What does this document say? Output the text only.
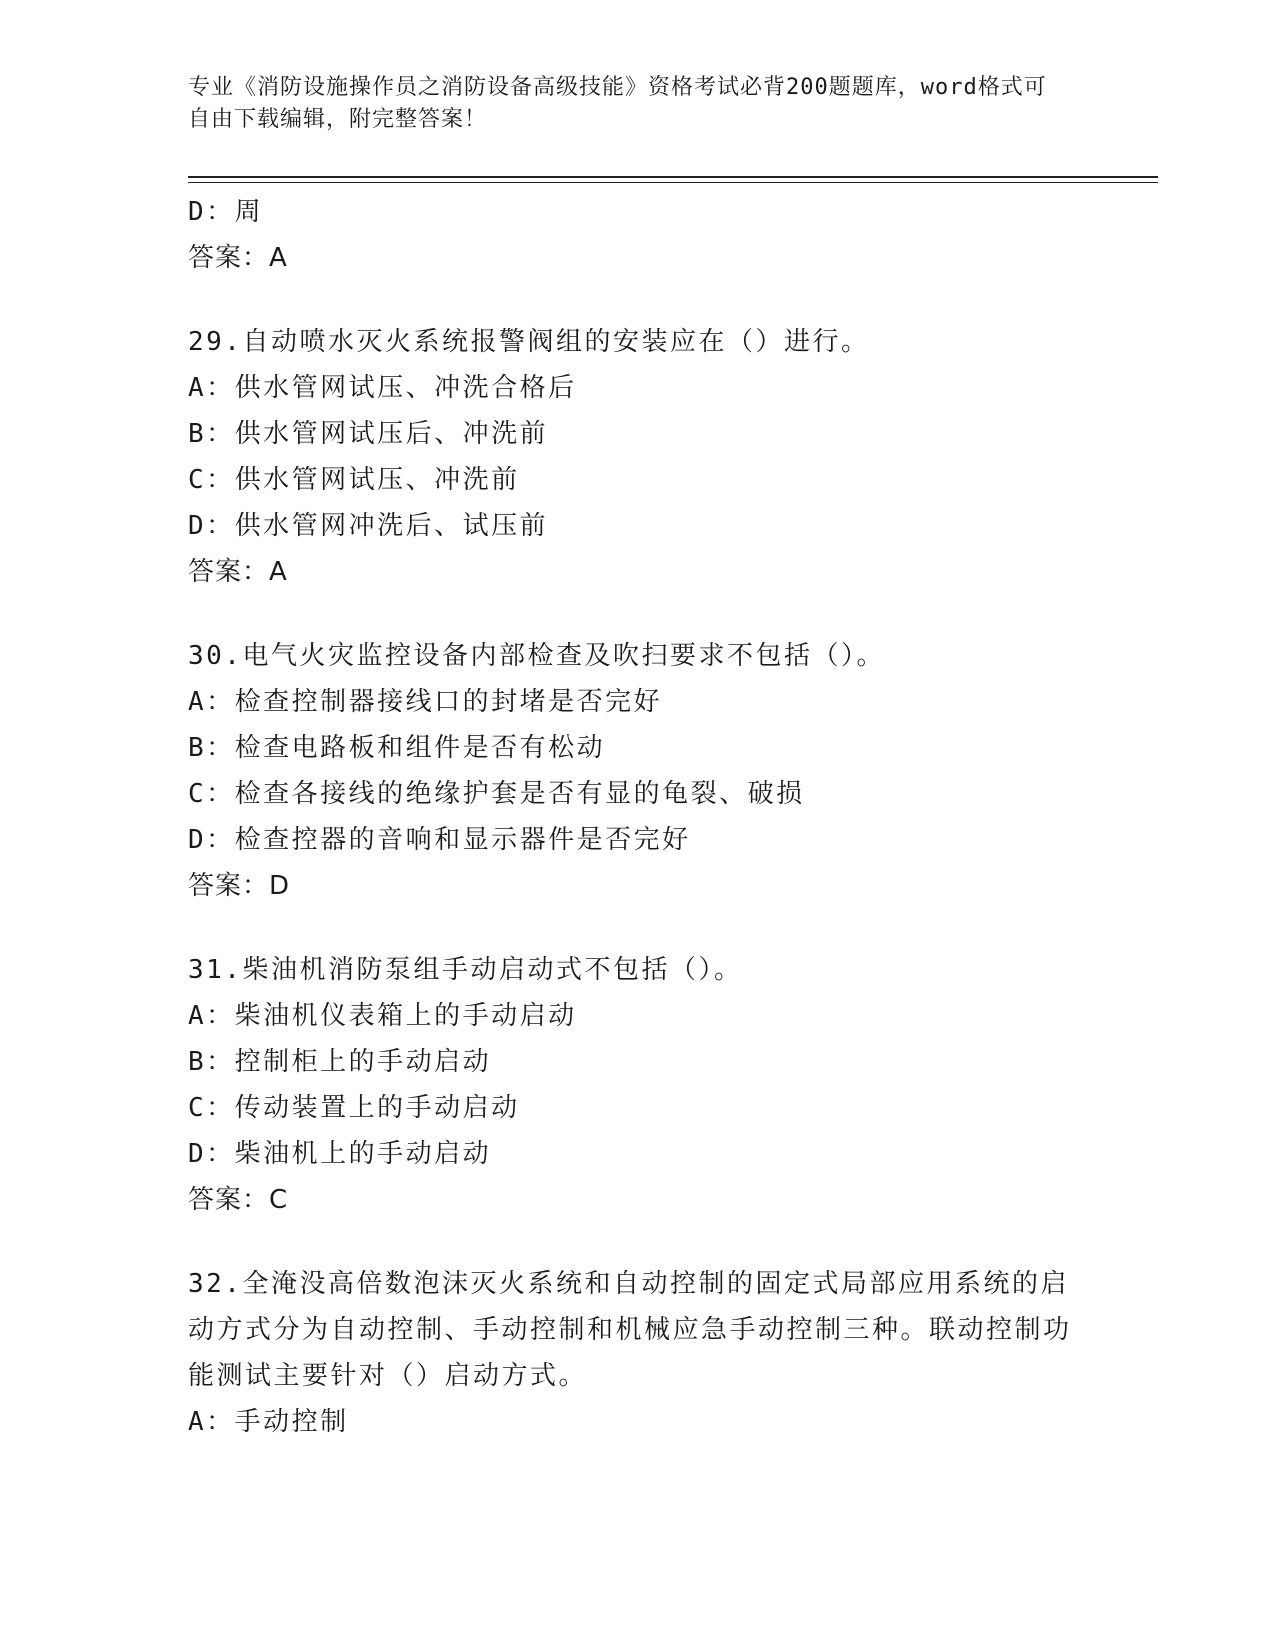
专业《消防设施操作员之消防设备高级技能》资格考试必背200题题库，word格式可自由下载编辑，附完整答案！
D：周
答案：A
29.自动喷水灭火系统报警阀组的安装应在（）进行。
A：供水管网试压、冲洗合格后
B：供水管网试压后、冲洗前
C：供水管网试压、冲洗前
D：供水管网冲洗后、试压前
答案：A
30.电气火灾监控设备内部检查及吹扫要求不包括（）。
A：检查控制器接线口的封堵是否完好
B：检查电路板和组件是否有松动
C：检查各接线的绝缘护套是否有显的龟裂、破损
D：检查控器的音响和显示器件是否完好
答案：D
31.柴油机消防泵组手动启动式不包括（）。
A：柴油机仪表箱上的手动启动
B：控制柜上的手动启动
C：传动装置上的手动启动
D：柴油机上的手动启动
答案：C
32.全淹没高倍数泡沫灭火系统和自动控制的固定式局部应用系统的启动方式分为自动控制、手动控制和机械应急手动控制三种。联动控制功能测试主要针对（）启动方式。
A：手动控制
